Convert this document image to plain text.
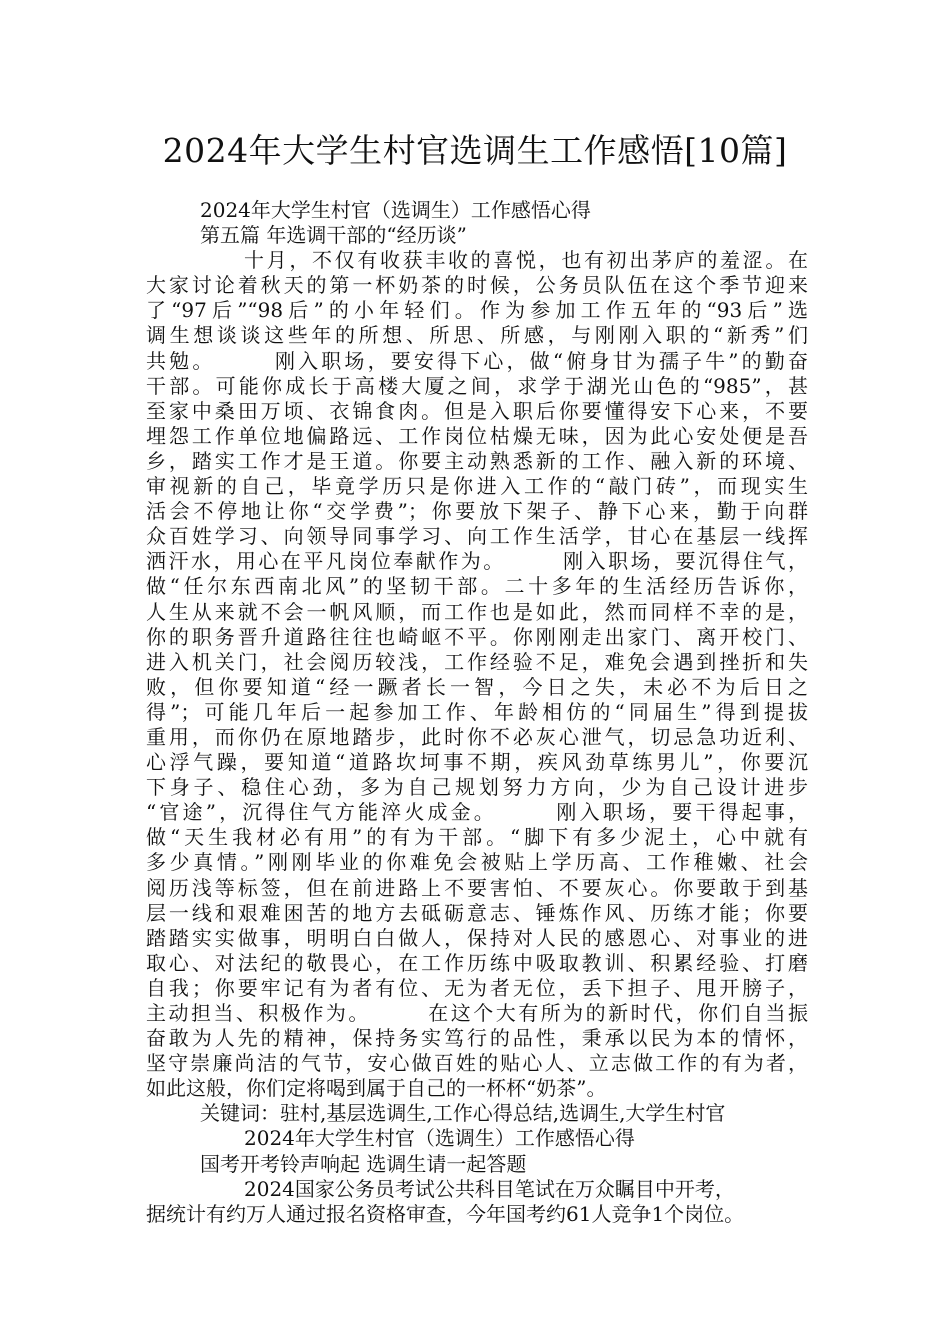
2024年大学生村官选调生工作感悟[10篇]
2024年大学生村官（选调生）工作感悟心得
第五篇 年选调干部的“经历谈”
十月，不仅有收获丰收的喜悦，也有初出茅庐的羞涩。在
大家讨论着秋天的第一杯奶茶的时候，公务员队伍在这个季节迎来
了“97后”“98后”的小年轻们。作为参加工作五年的“93后”选
调生想谈谈这些年的所想、所思、所感，与刚刚入职的“新秀”们
共勉。　　　刚入职场，要安得下心，做“俯身甘为孺子牛”的勤奋
干部。可能你成长于高楼大厦之间，求学于湖光山色的“985”，甚
至家中桑田万顷、衣锦食肉。但是入职后你要懂得安下心来，不要
埋怨工作单位地偏路远、工作岗位枯燥无味，因为此心安处便是吾
乡，踏实工作才是王道。你要主动熟悉新的工作、融入新的环境、
审视新的自己，毕竟学历只是你进入工作的“敲门砖”，而现实生
活会不停地让你“交学费”；你要放下架子、静下心来，勤于向群
众百姓学习、向领导同事学习、向工作生活学，甘心在基层一线挥
洒汗水，用心在平凡岗位奉献作为。　　　刚入职场，要沉得住气，
做“任尔东西南北风”的坚韧干部。二十多年的生活经历告诉你，
人生从来就不会一帆风顺，而工作也是如此，然而同样不幸的是，
你的职务晋升道路往往也崎岖不平。你刚刚走出家门、离开校门、
进入机关门，社会阅历较浅，工作经验不足，难免会遇到挫折和失
败，但你要知道“经一蹶者长一智，今日之失，未必不为后日之
得”；可能几年后一起参加工作、年龄相仿的“同届生”得到提拔
重用，而你仍在原地踏步，此时你不必灰心泄气，切忌急功近利、
心浮气躁，要知道“道路坎坷事不期，疾风劲草练男儿”，你要沉
下身子、稳住心劲，多为自己规划努力方向，少为自己设计进步
“官途”，沉得住气方能淬火成金。　　　刚入职场，要干得起事，
做“天生我材必有用”的有为干部。“脚下有多少泥土，心中就有
多少真情。”刚刚毕业的你难免会被贴上学历高、工作稚嫩、社会
阅历浅等标签，但在前进路上不要害怕、不要灰心。你要敢于到基
层一线和艰难困苦的地方去砥砺意志、锤炼作风、历练才能；你要
踏踏实实做事，明明白白做人，保持对人民的感恩心、对事业的进
取心、对法纪的敬畏心，在工作历练中吸取教训、积累经验、打磨
自我；你要牢记有为者有位、无为者无位，丢下担子、甩开膀子，
主动担当、积极作为。　　　在这个大有所为的新时代，你们自当振
奋敢为人先的精神，保持务实笃行的品性，秉承以民为本的情怀，
坚守崇廉尚洁的气节，安心做百姓的贴心人、立志做工作的有为者，
如此这般，你们定将喝到属于自己的一杯杯“奶茶”。
关键词：驻村,基层选调生,工作心得总结,选调生,大学生村官
2024年大学生村官（选调生）工作感悟心得
国考开考铃声响起 选调生请一起答题
2024国家公务员考试公共科目笔试在万众瞩目中开考，
据统计有约万人通过报名资格审查，今年国考约61人竞争1个岗位。
